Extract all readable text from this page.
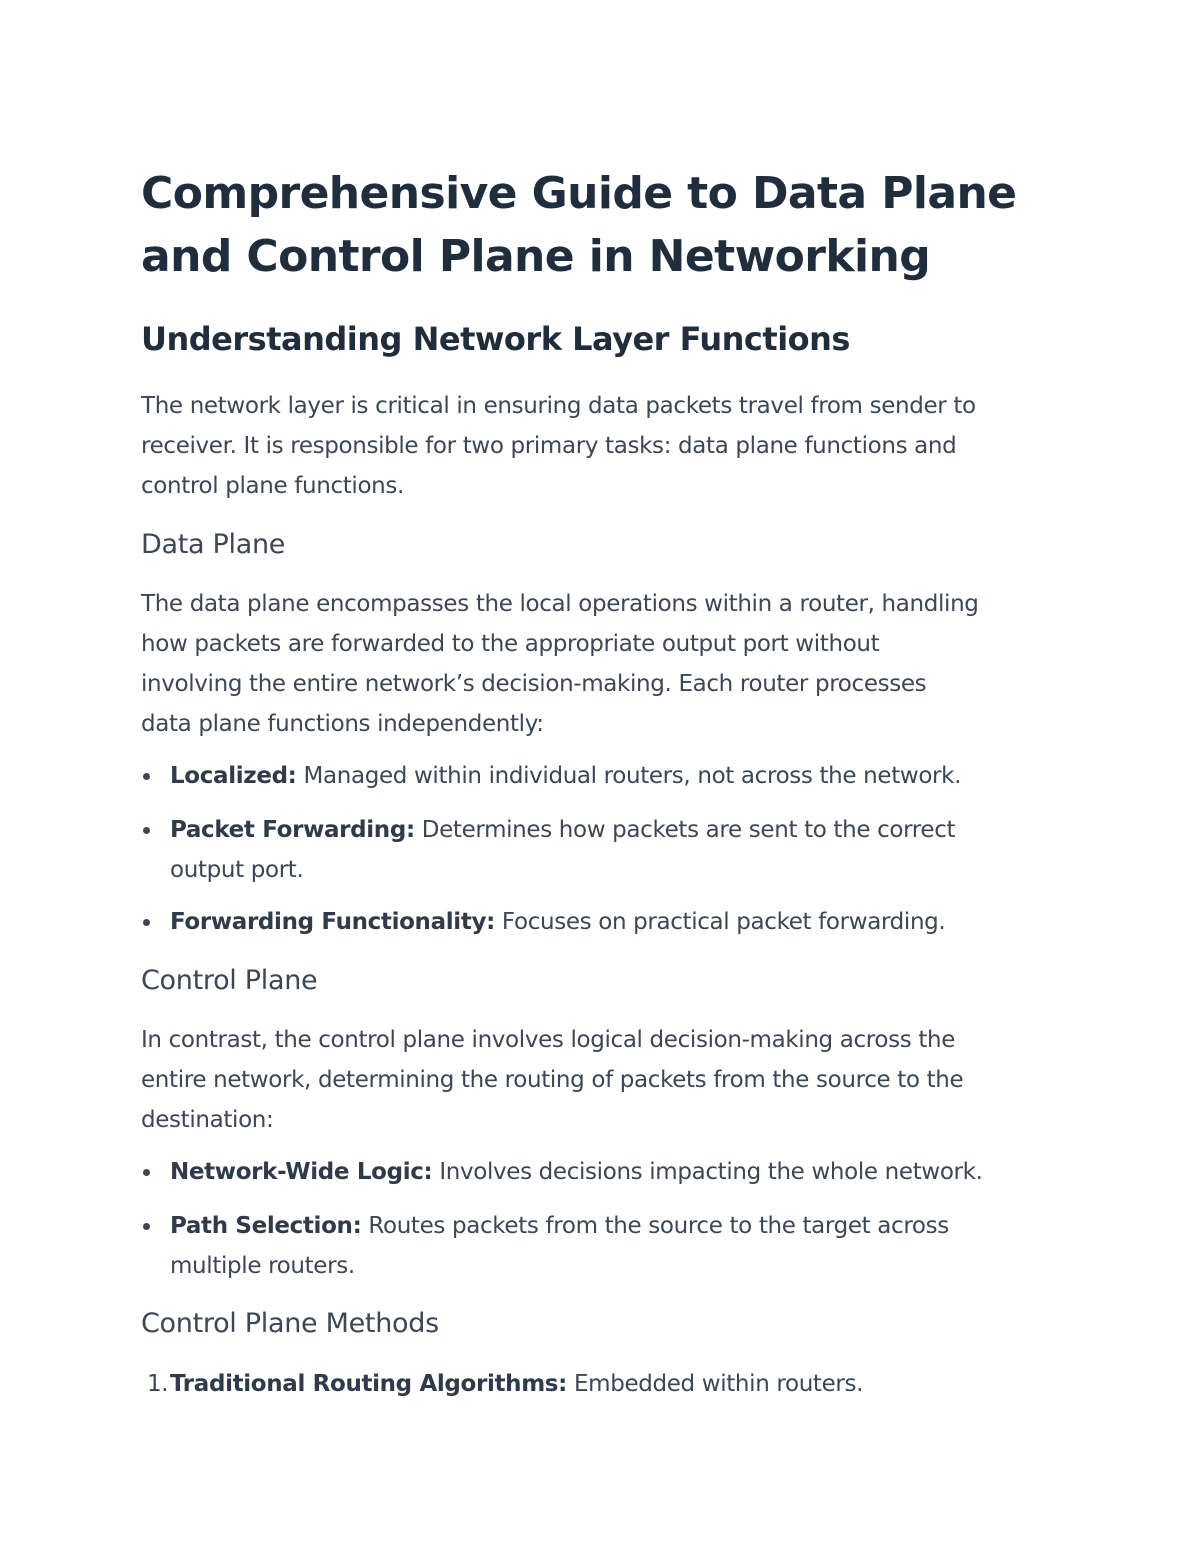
Comprehensive Guide to Data Plane
and Control Plane in Networking
Understanding Network Layer Functions

The network layer is critical in ensuring data packets travel from sender to

receiver. It is responsible for two primary tasks: data plane functions and

control plane functions.

Data Plane

The data plane encompasses the local operations within a router, handling

how packets are forwarded to the appropriate output port without

involving the entire network’s decision-making. Each router processes

data plane functions independently:

Localized: Managed within individual routers, not across the network.
Packet Forwarding: Determines how packets are sent to the correct
output port.
Forwarding Functionality: Focuses on practical packet forwarding.
Control Plane

In contrast, the control plane involves logical decision-making across the

entire network, determining the routing of packets from the source to the

destination:

Network-Wide Logic: Involves decisions impacting the whole network.
Path Selection: Routes packets from the source to the target across
multiple routers.
Control Plane Methods
1. Traditional Routing Algorithms: Embedded within routers.
